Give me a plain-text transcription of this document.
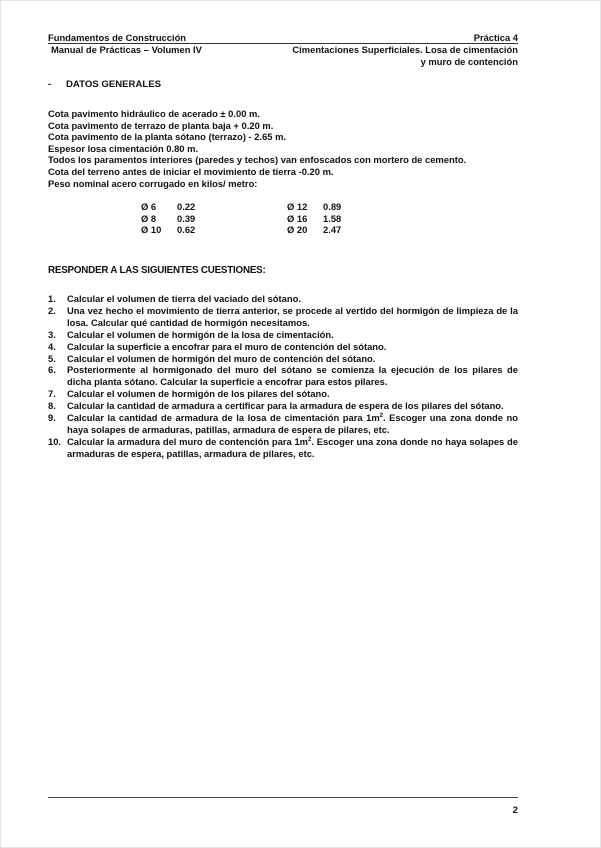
Fundamentos de Construcción	Práctica 4
Manual de Prácticas – Volumen IV	Cimentaciones Superficiales. Losa de cimentación
y muro de contención
- DATOS GENERALES
Cota pavimento hidráulico de acerado ± 0.00 m.
Cota pavimento de terrazo de planta baja + 0.20 m.
Cota pavimento de la planta sótano (terrazo) - 2.65 m.
Espesor losa cimentación 0.80 m.
Todos los paramentos interiores (paredes y techos) van enfoscados con mortero de cemento.
Cota del terreno antes de iniciar el movimiento de tierra -0.20 m.
Peso nominal acero corrugado en kilos/ metro:
Ø 6 0.22
Ø 8 0.39
Ø 10 0.62
Ø 12 0.89
Ø 16 1.58
Ø 20 2.47
RESPONDER A LAS SIGUIENTES CUESTIONES:
1. Calcular el volumen de tierra del vaciado del sótano.
2. Una vez hecho el movimiento de tierra anterior, se procede al vertido del hormigón de limpieza de la losa. Calcular qué cantidad de hormigón necesitamos.
3. Calcular el volumen de hormigón de la losa de cimentación.
4. Calcular la superficie a encofrar para el muro de contención del sótano.
5. Calcular el volumen de hormigón del muro de contención del sótano.
6. Posteriormente al hormigonado del muro del sótano se comienza la ejecución de los pilares de dicha planta sótano. Calcular la superficie a encofrar para estos pilares.
7. Calcular el volumen de hormigón de los pilares del sótano.
8. Calcular la cantidad de armadura a certificar para la armadura de espera de los pilares del sótano.
9. Calcular la cantidad de armadura de la losa de cimentación para $1m^2$. Escoger una zona donde no haya solapes de armaduras, patillas, armadura de espera de pilares, etc.
10. Calcular la armadura del muro de contención para $1m^2$. Escoger una zona donde no haya solapes de armaduras de espera, patillas, armadura de pilares, etc.
2
